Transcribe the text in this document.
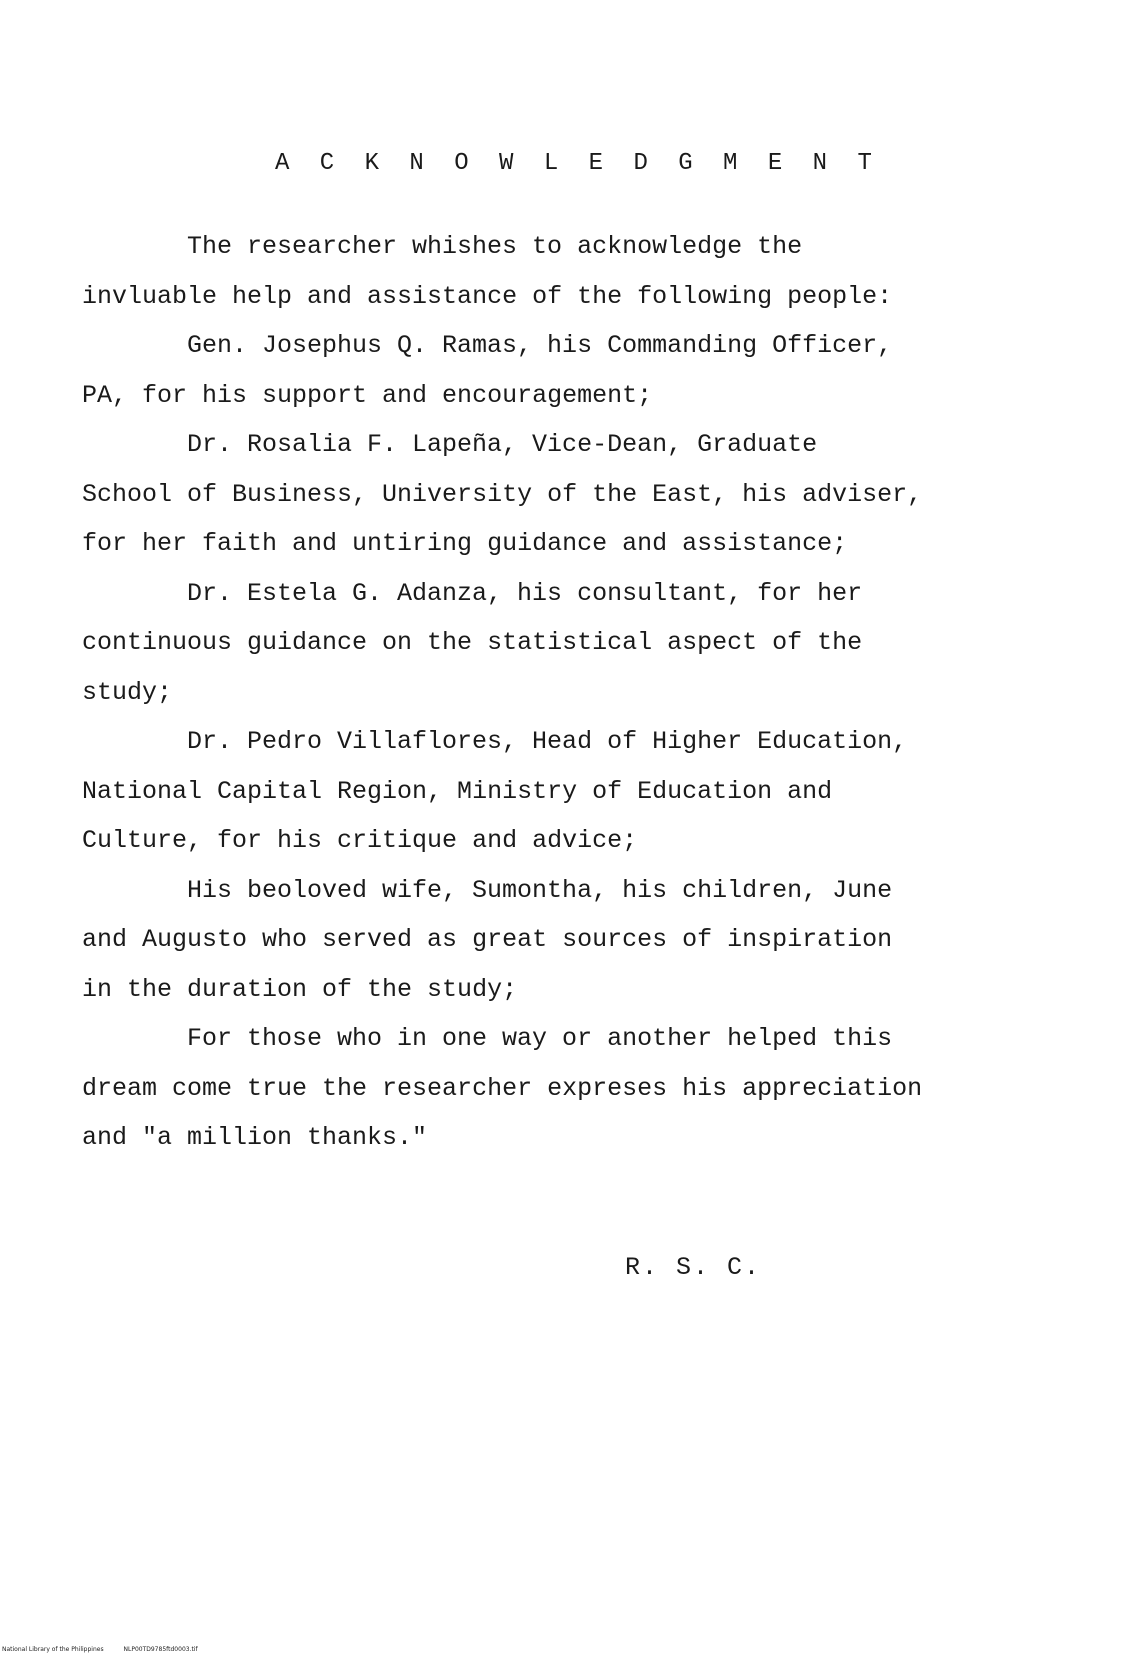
A C K N O W L E D G M E N T
The researcher whishes to acknowledge the
invluable help and assistance of the following people:
Gen. Josephus Q. Ramas, his Commanding Officer,
PA, for his support and encouragement;
Dr. Rosalia F. Lapeña, Vice-Dean, Graduate
School of Business, University of the East, his adviser,
for her faith and untiring guidance and assistance;
Dr. Estela G. Adanza, his consultant, for her
continuous guidance on the statistical aspect of the
study;
Dr. Pedro Villaflores, Head of Higher Education,
National Capital Region, Ministry of Education and
Culture, for his critique and advice;
His beoloved wife, Sumontha, his children, June
and Augusto who served as great sources of inspiration
in the duration of the study;
For those who in one way or another helped this
dream come true the researcher expreses his appreciation
and "a million thanks."
R. S. C.
National Library of the Philippines	NLP00TD9785ftd0003.tif
